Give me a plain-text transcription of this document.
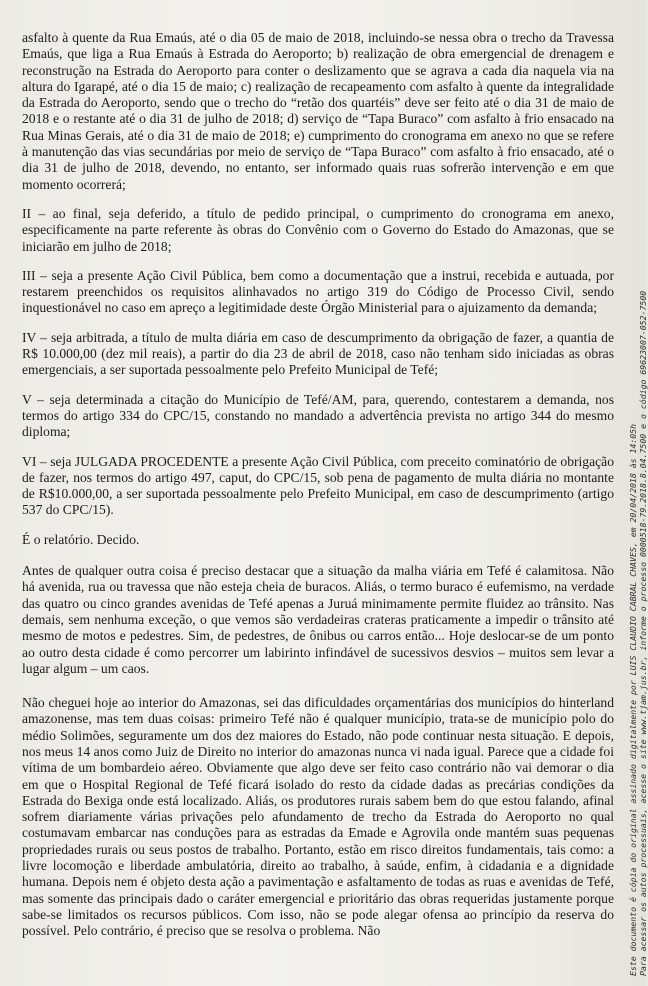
asfalto à quente da Rua Emaús, até o dia 05 de maio de 2018, incluindo-se nessa obra o trecho da Travessa Emaús, que liga a Rua Emaús à Estrada do Aeroporto; b) realização de obra emergencial de drenagem e reconstrução na Estrada do Aeroporto para conter o deslizamento que se agrava a cada dia naquela via na altura do Igarapé, até o dia 15 de maio; c) realização de recapeamento com asfalto à quente da integralidade da Estrada do Aeroporto, sendo que o trecho do “retão dos quartéis” deve ser feito até o dia 31 de maio de 2018 e o restante até o dia 31 de julho de 2018; d) serviço de “Tapa Buraco” com asfalto à frio ensacado na Rua Minas Gerais, até o dia 31 de maio de 2018; e) cumprimento do cronograma em anexo no que se refere à manutenção das vias secundárias por meio de serviço de “Tapa Buraco” com asfalto à frio ensacado, até o dia 31 de julho de 2018, devendo, no entanto, ser informado quais ruas sofrerão intervenção e em que momento ocorrerá;

II – ao final, seja deferido, a título de pedido principal, o cumprimento do cronograma em anexo, especificamente na parte referente às obras do Convênio com o Governo do Estado do Amazonas, que se iniciarão em julho de 2018;

III – seja a presente Ação Civil Pública, bem como a documentação que a instrui, recebida e autuada, por restarem preenchidos os requisitos alinhavados no artigo 319 do Código de Processo Civil, sendo inquestionável no caso em apreço a legitimidade deste Órgão Ministerial para o ajuizamento da demanda;

IV – seja arbitrada, a título de multa diária em caso de descumprimento da obrigação de fazer, a quantia de R$ 10.000,00 (dez mil reais), a partir do dia 23 de abril de 2018, caso não tenham sido iniciadas as obras emergenciais, a ser suportada pessoalmente pelo Prefeito Municipal de Tefé;

V – seja determinada a citação do Município de Tefé/AM, para, querendo, contestarem a demanda, nos termos do artigo 334 do CPC/15, constando no mandado a advertência prevista no artigo 344 do mesmo diploma;

VI – seja JULGADA PROCEDENTE a presente Ação Civil Pública, com preceito cominatório de obrigação de fazer, nos termos do artigo 497, caput, do CPC/15, sob pena de pagamento de multa diária no montante de R$10.000,00, a ser suportada pessoalmente pelo Prefeito Municipal, em caso de descumprimento (artigo 537 do CPC/15).

É o relatório. Decido.

Antes de qualquer outra coisa é preciso destacar que a situação da malha viária em Tefé é calamitosa. Não há avenida, rua ou travessa que não esteja cheia de buracos. Aliás, o termo buraco é eufemismo, na verdade das quatro ou cinco grandes avenidas de Tefé apenas a Juruá minimamente permite fluidez ao trânsito. Nas demais, sem nenhuma exceção, o que vemos são verdadeiras crateras praticamente a impedir o trânsito até mesmo de motos e pedestres. Sim, de pedestres, de ônibus ou carros então... Hoje deslocar-se de um ponto ao outro desta cidade é como percorrer um labirinto infindável de sucessivos desvios – muitos sem levar a lugar algum – um caos.

Não cheguei hoje ao interior do Amazonas, sei das dificuldades orçamentárias dos municípios do hinterland amazonense, mas tem duas coisas: primeiro Tefé não é qualquer município, trata-se de município polo do médio Solimões, seguramente um dos dez maiores do Estado, não pode continuar nesta situação. E depois, nos meus 14 anos como Juiz de Direito no interior do amazonas nunca vi nada igual. Parece que a cidade foi vítima de um bombardeio aéreo. Obviamente que algo deve ser feito caso contrário não vai demorar o dia em que o Hospital Regional de Tefé ficará isolado do resto da cidade dadas as precárias condições da Estrada do Bexiga onde está localizado. Aliás, os produtores rurais sabem bem do que estou falando, afinal sofrem diariamente várias privações pelo afundamento de trecho da Estrada do Aeroporto no qual costumavam embarcar nas conduções para as estradas da Emade e Agrovila onde mantém suas pequenas propriedades rurais ou seus postos de trabalho. Portanto, estão em risco direitos fundamentais, tais como: a livre locomoção e liberdade ambulatória, direito ao trabalho, à saúde, enfim, à cidadania e a dignidade humana. Depois nem é objeto desta ação a pavimentação e asfaltamento de todas as ruas e avenidas de Tefé, mas somente das principais dado o caráter emergencial e prioritário das obras requeridas justamente porque sabe-se limitados os recursos públicos. Com isso, não se pode alegar ofensa ao princípio da reserva do possível. Pelo contrário, é preciso que se resolva o problema. Não	Este documento é cópia do original assinado digitalmente por LUIS CLAUDIO CABRAL CHAVES, em 20/04/2018 às 14:05h Para acessar os autos processuais, acesse o site www.tjam.jus.br, informe o processo 0000518-79.2018.8.04.7500 e o código 69623007-052-7500
